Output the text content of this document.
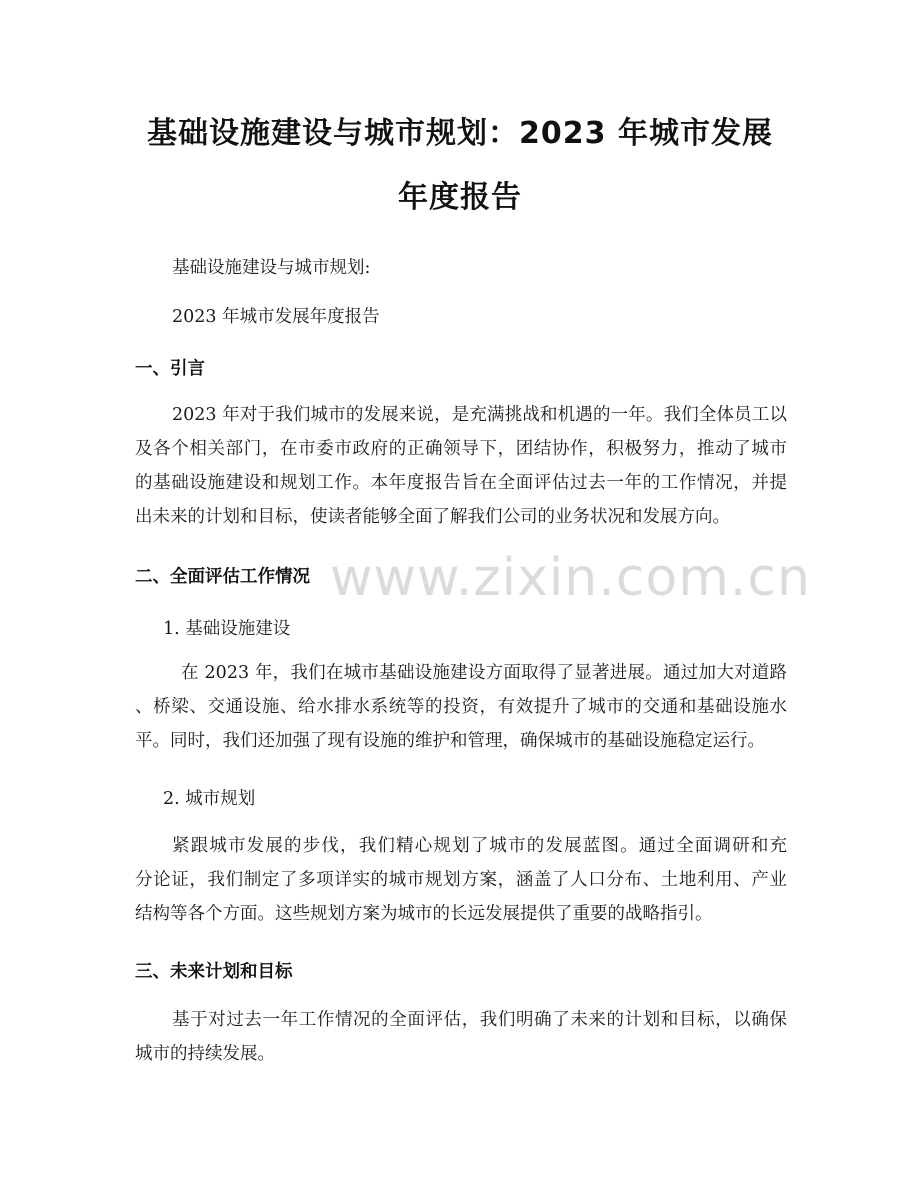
基础设施建设与城市规划：2023 年城市发展
年度报告

基础设施建设与城市规划:

2023 年城市发展年度报告

一、引言
2023 年对于我们城市的发展来说，是充满挑战和机遇的一年。我们全体员工以
及各个相关部门，在市委市政府的正确领导下，团结协作，积极努力，推动了城市
的基础设施建设和规划工作。本年度报告旨在全面评估过去一年的工作情况，并提
出未来的计划和目标，使读者能够全面了解我们公司的业务状况和发展方向。
二、全面评估工作情况

1. 基础设施建设

在 2023 年，我们在城市基础设施建设方面取得了显著进展。通过加大对道路
、桥梁、交通设施、给水排水系统等的投资，有效提升了城市的交通和基础设施水
平。同时，我们还加强了现有设施的维护和管理，确保城市的基础设施稳定运行。

2. 城市规划

紧跟城市发展的步伐，我们精心规划了城市的发展蓝图。通过全面调研和充
分论证，我们制定了多项详实的城市规划方案，涵盖了人口分布、土地利用、产业
结构等各个方面。这些规划方案为城市的长远发展提供了重要的战略指引。
三、未来计划和目标
基于对过去一年工作情况的全面评估，我们明确了未来的计划和目标，以确保
城市的持续发展。
www.zixin.com.cn
